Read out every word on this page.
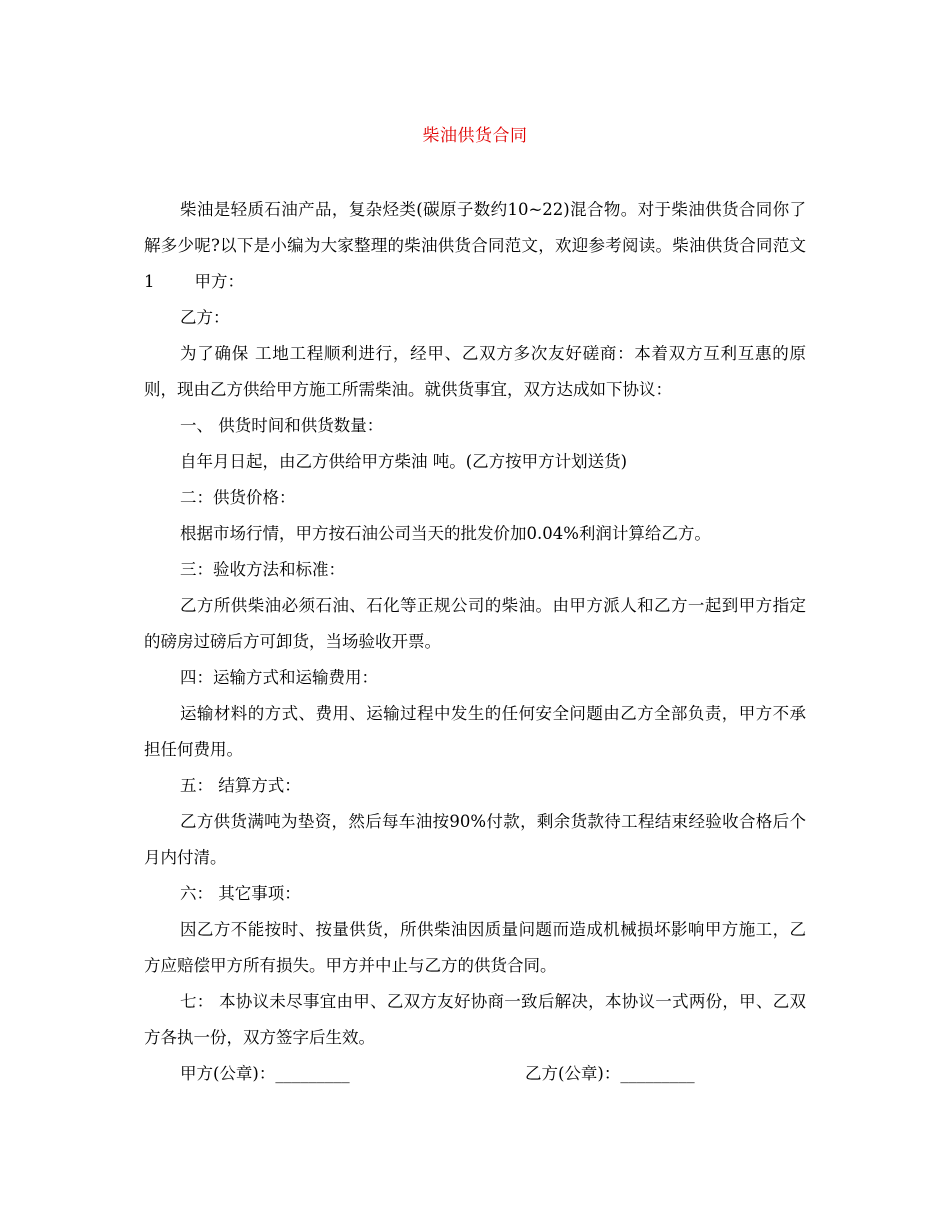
柴油供货合同

柴油是轻质石油产品，复杂烃类(碳原子数约10~22)混合物。对于柴油供货合同你了解多少呢?以下是小编为大家整理的柴油供货合同范文，欢迎参考阅读。柴油供货合同范文1 甲方：

乙方：

为了确保 工地工程顺利进行，经甲、乙双方多次友好磋商：本着双方互利互惠的原则，现由乙方供给甲方施工所需柴油。就供货事宜，双方达成如下协议：

一、 供货时间和供货数量：

自年月日起，由乙方供给甲方柴油 吨。(乙方按甲方计划送货)

二：供货价格：

根据市场行情，甲方按石油公司当天的批发价加0.04%利润计算给乙方。

三：验收方法和标准：

乙方所供柴油必须石油、石化等正规公司的柴油。由甲方派人和乙方一起到甲方指定的磅房过磅后方可卸货，当场验收开票。

四：运输方式和运输费用：

运输材料的方式、费用、运输过程中发生的任何安全问题由乙方全部负责，甲方不承担任何费用。

五： 结算方式：

乙方供货满吨为垫资，然后每车油按90%付款，剩余货款待工程结束经验收合格后个月内付清。

六： 其它事项：

因乙方不能按时、按量供货，所供柴油因质量问题而造成机械损坏影响甲方施工，乙方应赔偿甲方所有损失。甲方并中止与乙方的供货合同。

七： 本协议未尽事宜由甲、乙双方友好协商一致后解决，本协议一式两份，甲、乙双方各执一份，双方签字后生效。

甲方(公章)：_________	乙方(公章)：_________
